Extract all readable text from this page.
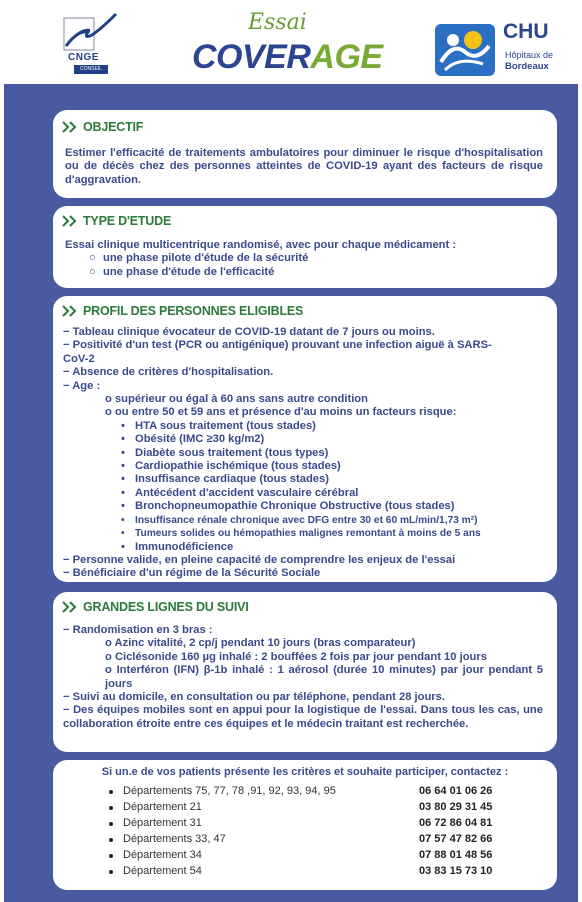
CNGE
CONSEIL
Essai
COVERAGE
CHU
Hôpitaux de
Bordeaux
OBJECTIF
Estimer l'efficacité de traitements ambulatoires pour diminuer le risque d'hospitalisation ou de décès chez des personnes atteintes de COVID-19 ayant des facteurs de risque d'aggravation.
TYPE D'ETUDE
Essai clinique multicentrique randomisé, avec pour chaque médicament :
○ une phase pilote d'étude de la sécurité
○ une phase d'étude de l'efficacité
PROFIL DES PERSONNES ELIGIBLES
− Tableau clinique évocateur de COVID-19 datant de 7 jours ou moins.
− Positivité d'un test (PCR ou antigénique) prouvant une infection aiguë à SARS-
CoV-2
− Absence de critères d'hospitalisation.
− Age :
o supérieur ou égal à 60 ans sans autre condition
o ou entre 50 et 59 ans et présence d'au moins un facteurs risque:
• HTA sous traitement (tous stades)
• Obésité (IMC ≥30 kg/m2)
• Diabète sous traitement (tous types)
• Cardiopathie ischémique (tous stades)
• Insuffisance cardiaque (tous stades)
• Antécédent d'accident vasculaire cérébral
• Bronchopneumopathie Chronique Obstructive (tous stades)
• Insuffisance rénale chronique avec DFG entre 30 et 60 mL/min/1,73 m²)
• Tumeurs solides ou hémopathies malignes remontant à moins de 5 ans
• Immunodéficience
− Personne valide, en pleine capacité de comprendre les enjeux de l'essai
− Bénéficiaire d'un régime de la Sécurité Sociale
GRANDES LIGNES DU SUIVI
− Randomisation en 3 bras :
o Azinc vitalité, 2 cp/j pendant 10 jours (bras comparateur)
o Ciclésonide 160 µg inhalé : 2 bouffées 2 fois par jour pendant 10 jours
o Interféron (IFN) β-1b inhalé : 1 aérosol (durée 10 minutes) par jour pendant 5 jours
− Suivi au domicile, en consultation ou par téléphone, pendant 28 jours.
− Des équipes mobiles sont en appui pour la logistique de l'essai. Dans tous les cas, une collaboration étroite entre ces équipes et le médecin traitant est recherchée.
Si un.e de vos patients présente les critères et souhaite participer, contactez :
Départements 75, 77, 78 ,91, 92, 93, 94, 95	06 64 01 06 26
Département 21	03 80 29 31 45
Département 31	06 72 86 04 81
Départements 33, 47	07 57 47 82 66
Département 34	07 88 01 48 56
Département 54	03 83 15 73 10
